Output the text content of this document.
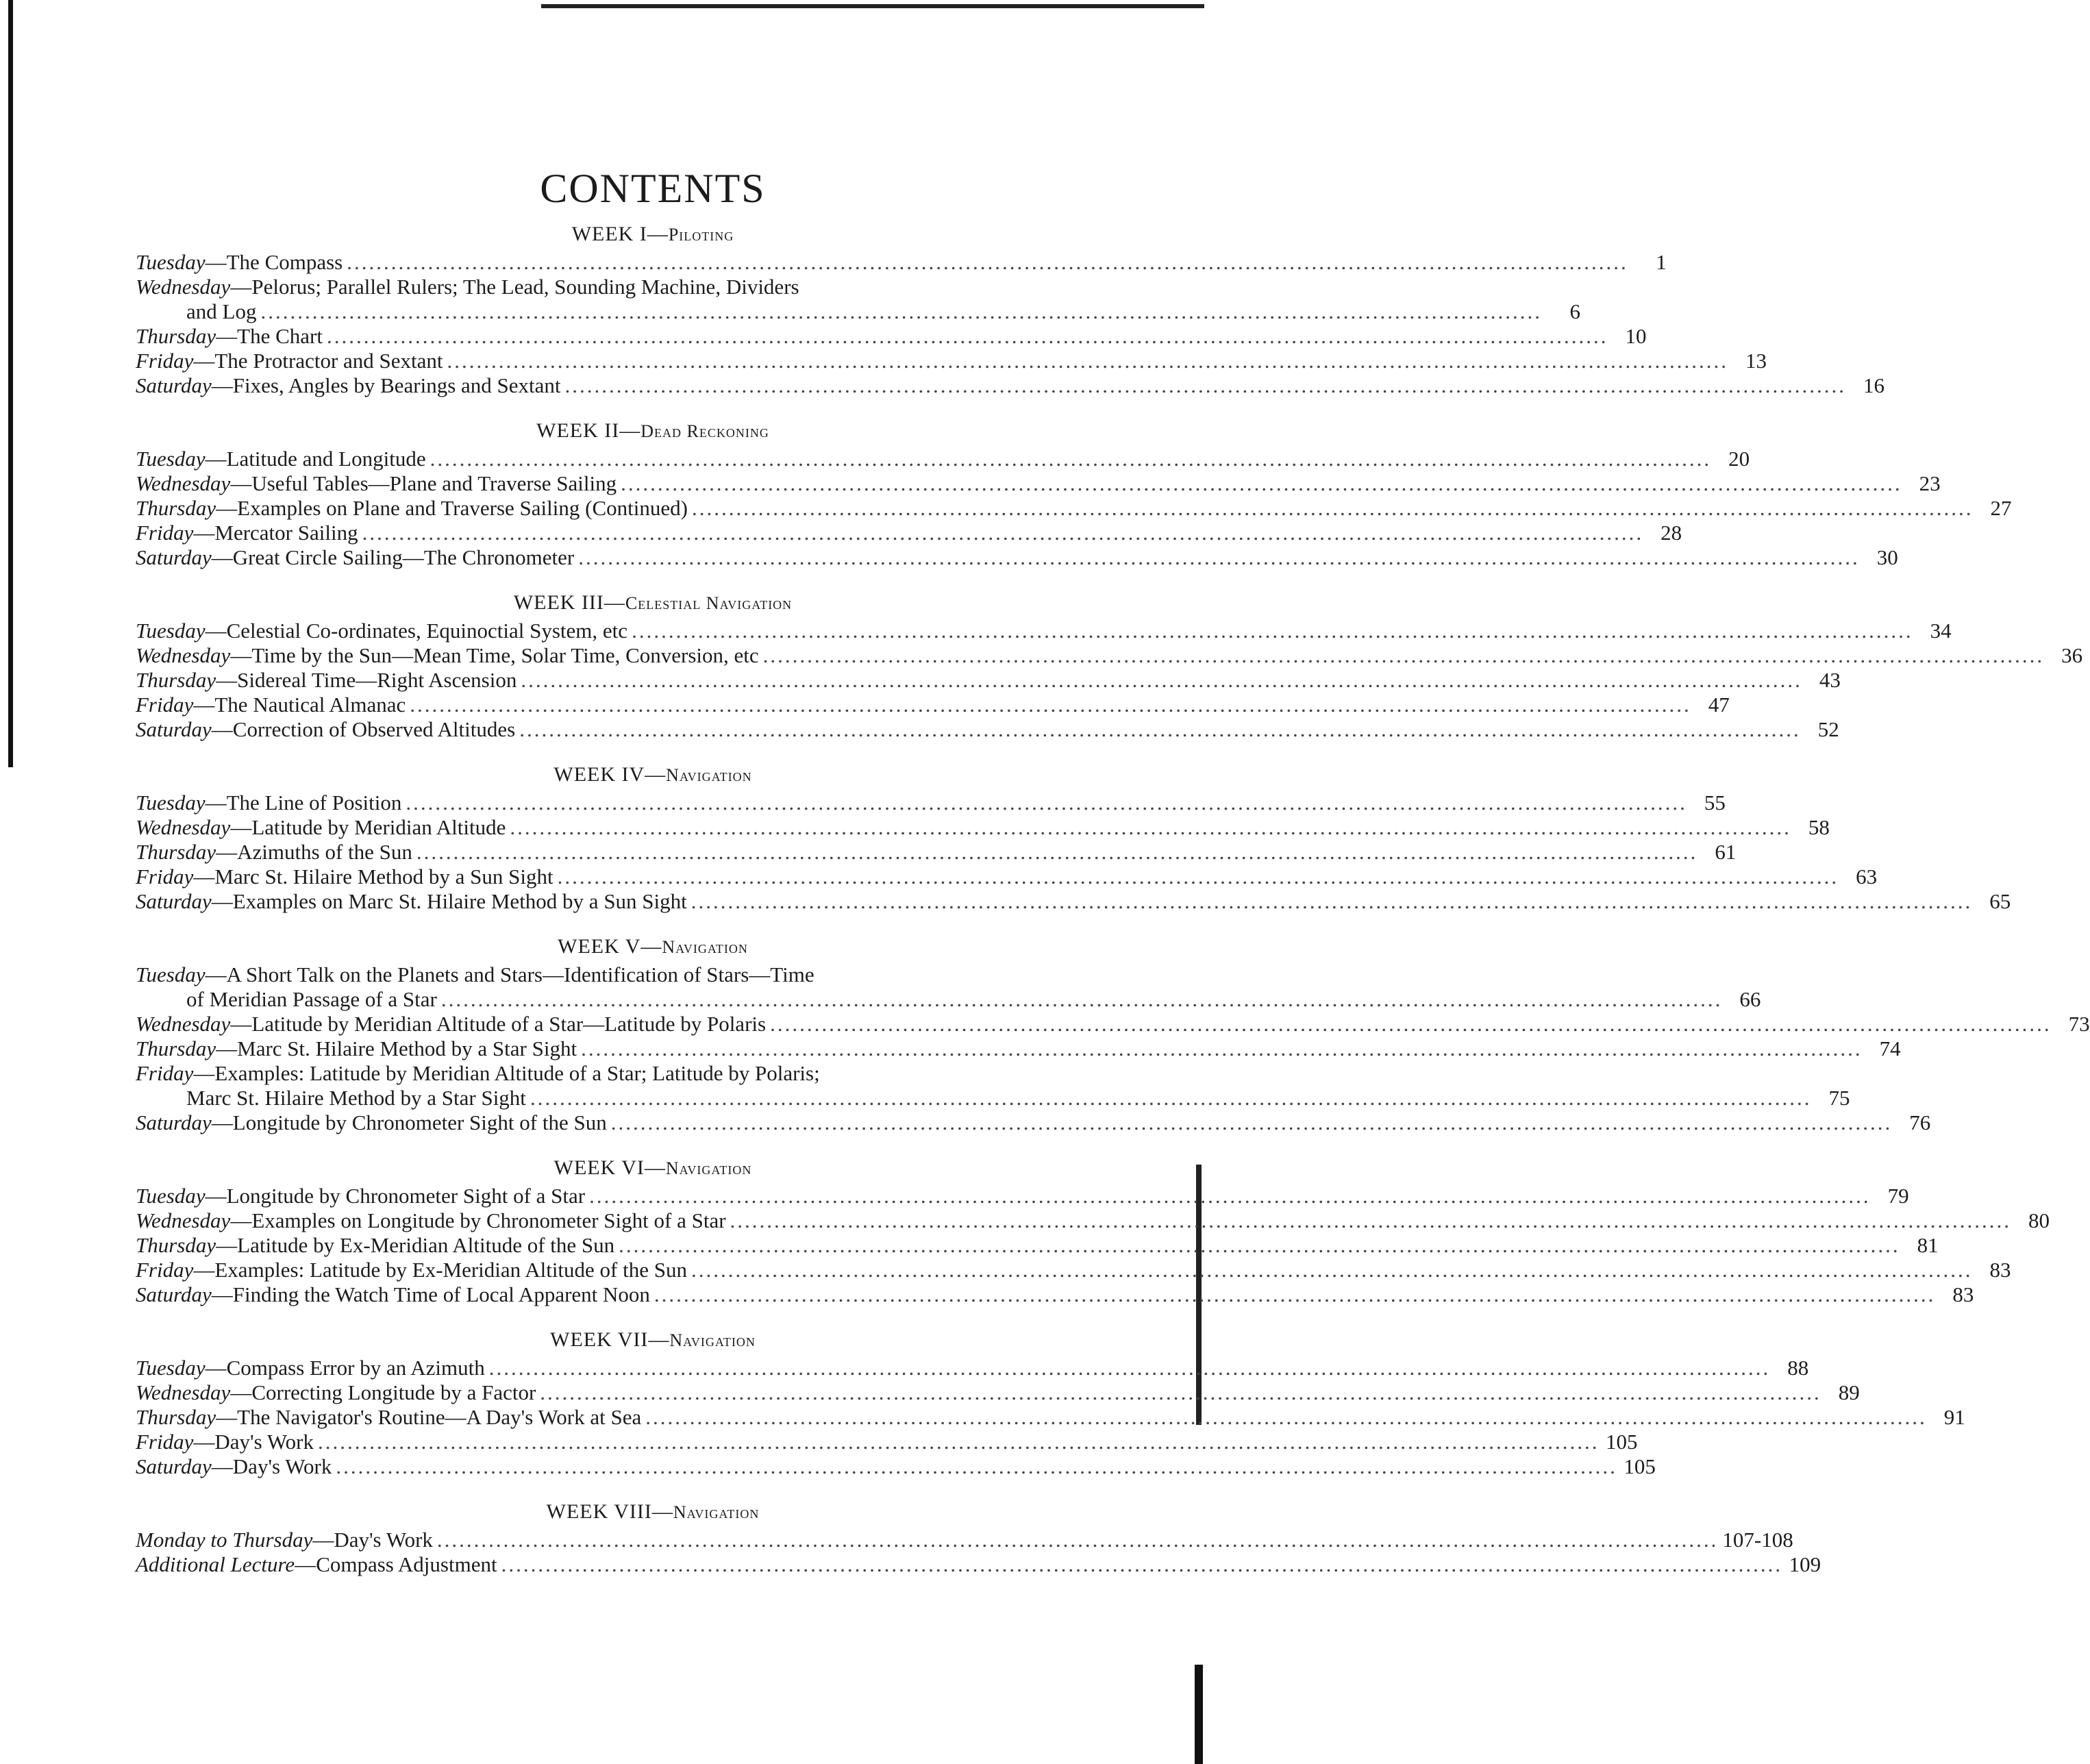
CONTENTS
WEEK I—Piloting
Tuesday—The Compass .....	1
Wednesday—Pelorus; Parallel Rulers; The Lead, Sounding Machine, Dividers
and Log .....	6
Thursday—The Chart .....	10
Friday—The Protractor and Sextant .....	13
Saturday—Fixes, Angles by Bearings and Sextant .....	16
WEEK II—Dead Reckoning
Tuesday—Latitude and Longitude .....	20
Wednesday—Useful Tables—Plane and Traverse Sailing .....	23
Thursday—Examples on Plane and Traverse Sailing (Continued) .....	27
Friday—Mercator Sailing .....	28
Saturday—Great Circle Sailing—The Chronometer .....	30
WEEK III—Celestial Navigation
Tuesday—Celestial Co-ordinates, Equinoctial System, etc .....	34
Wednesday—Time by the Sun—Mean Time, Solar Time, Conversion, etc .....	36
Thursday—Sidereal Time—Right Ascension .....	43
Friday—The Nautical Almanac .....	47
Saturday—Correction of Observed Altitudes .....	52
WEEK IV—Navigation
Tuesday—The Line of Position .....	55
Wednesday—Latitude by Meridian Altitude .....	58
Thursday—Azimuths of the Sun .....	61
Friday—Marc St. Hilaire Method by a Sun Sight .....	63
Saturday—Examples on Marc St. Hilaire Method by a Sun Sight .....	65
WEEK V—Navigation
Tuesday—A Short Talk on the Planets and Stars—Identification of Stars—Time
of Meridian Passage of a Star .....	66
Wednesday—Latitude by Meridian Altitude of a Star—Latitude by Polaris .....	73
Thursday—Marc St. Hilaire Method by a Star Sight .....	74
Friday—Examples: Latitude by Meridian Altitude of a Star; Latitude by Polaris;
Marc St. Hilaire Method by a Star Sight .....	75
Saturday—Longitude by Chronometer Sight of the Sun .....	76
WEEK VI—Navigation
Tuesday—Longitude by Chronometer Sight of a Star .....	79
Wednesday—Examples on Longitude by Chronometer Sight of a Star .....	80
Thursday—Latitude by Ex-Meridian Altitude of the Sun .....	81
Friday—Examples: Latitude by Ex-Meridian Altitude of the Sun .....	83
Saturday—Finding the Watch Time of Local Apparent Noon .....	83
WEEK VII—Navigation
Tuesday—Compass Error by an Azimuth .....	88
Wednesday—Correcting Longitude by a Factor .....	89
Thursday—The Navigator's Routine—A Day's Work at Sea .....	91
Friday—Day's Work .....	105
Saturday—Day's Work .....	105
WEEK VIII—Navigation
Monday to Thursday—Day's Work .....	107-108
Additional Lecture—Compass Adjustment .....	109
